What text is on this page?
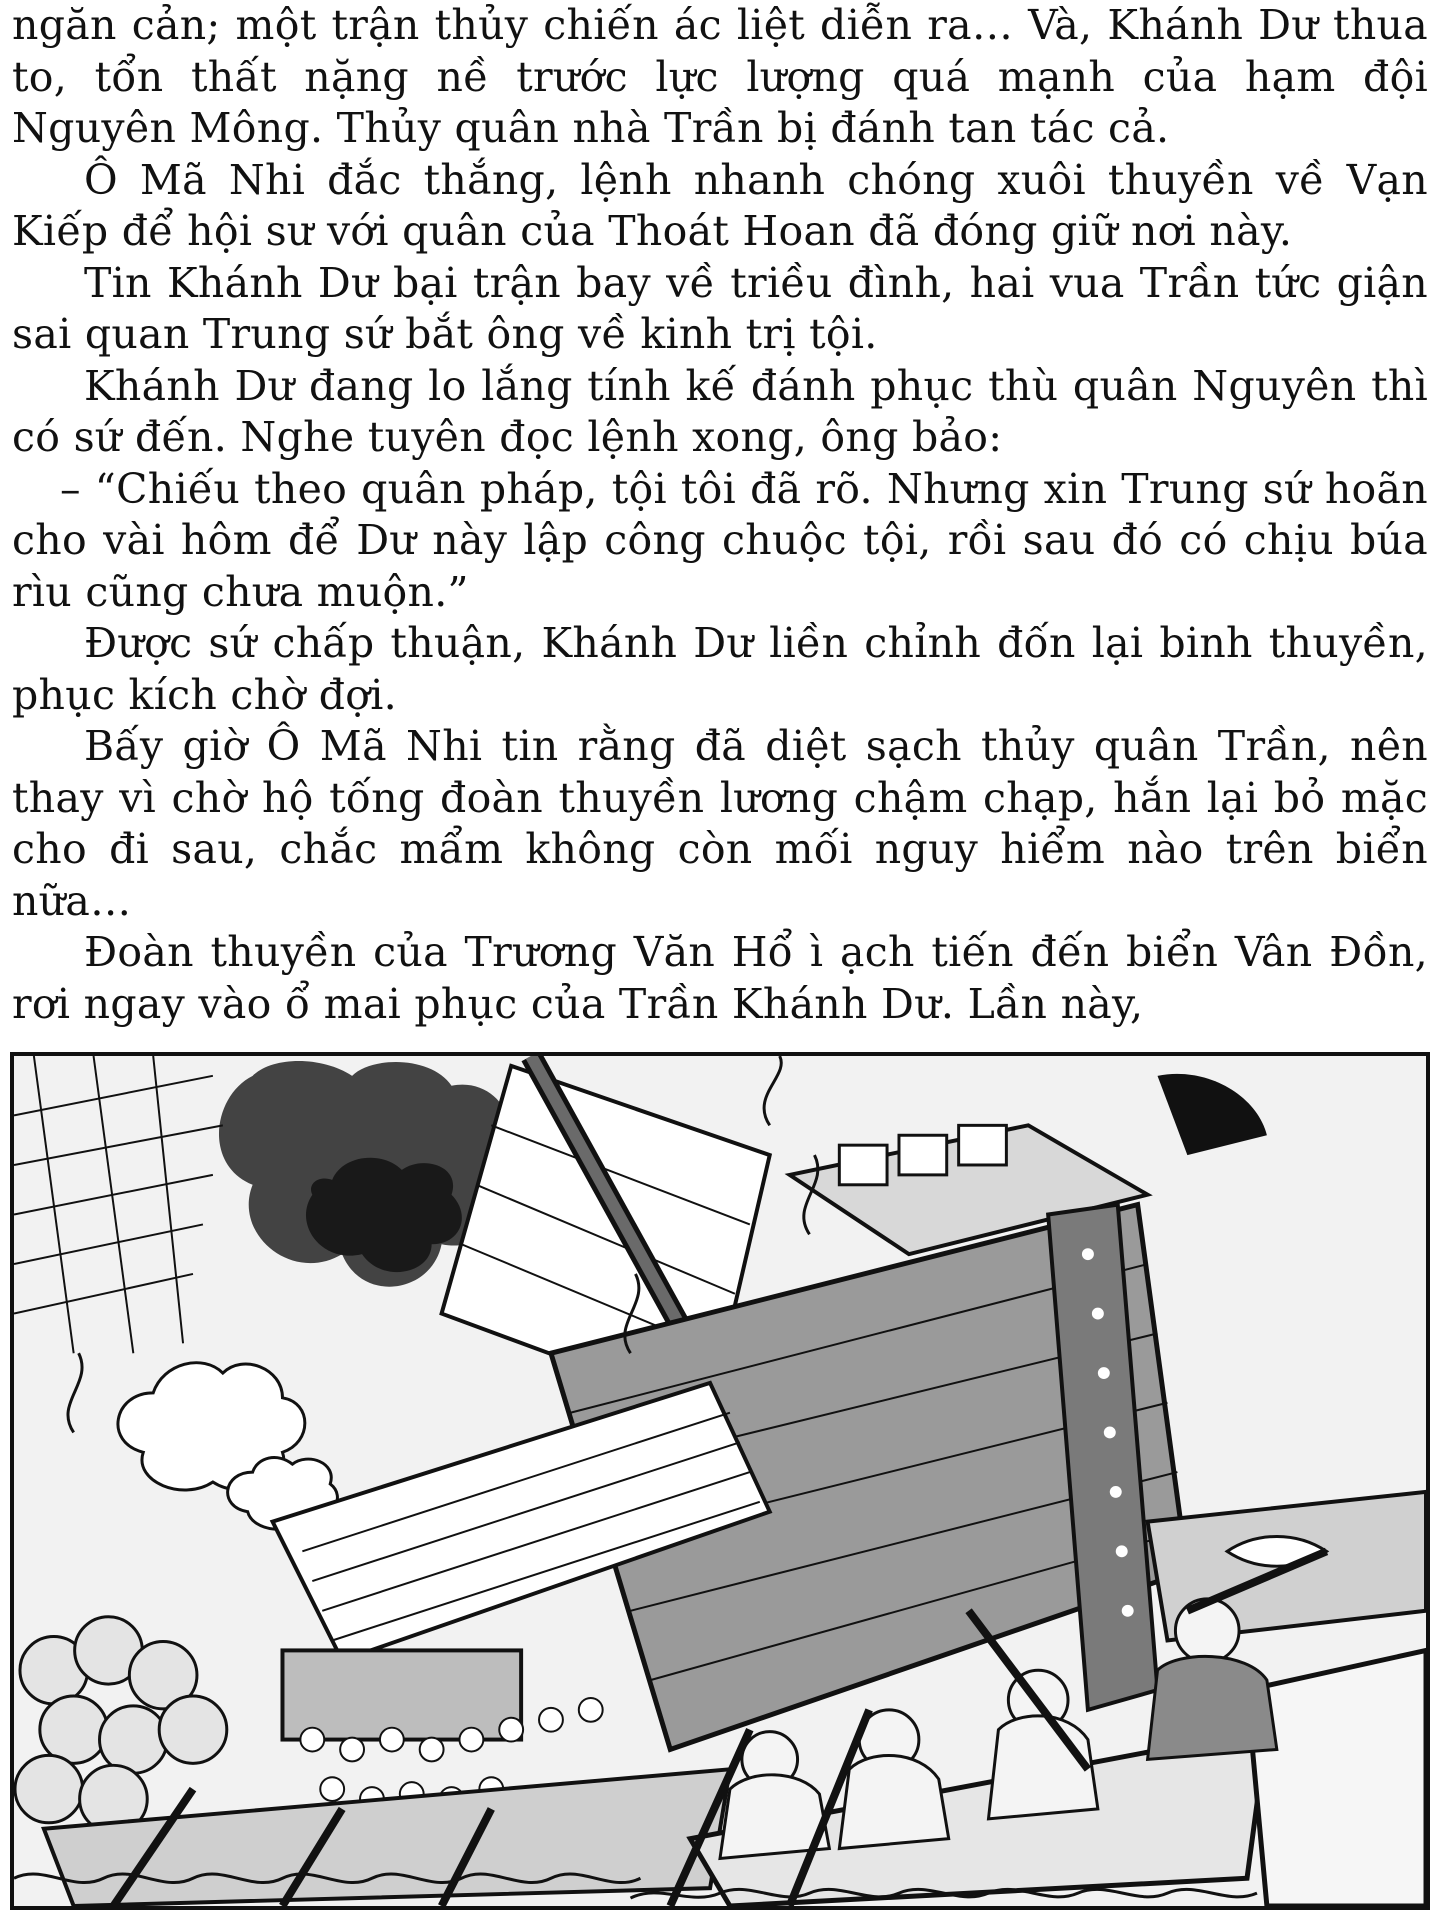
ngăn cản; một trận thủy chiến ác liệt diễn ra… Và, Khánh Dư thua to, tổn thất nặng nề trước lực lượng quá mạnh của hạm đội Nguyên Mông. Thủy quân nhà Trần bị đánh tan tác cả.

Ô Mã Nhi đắc thắng, lệnh nhanh chóng xuôi thuyền về Vạn Kiếp để hội sư với quân của Thoát Hoan đã đóng giữ nơi này.

Tin Khánh Dư bại trận bay về triều đình, hai vua Trần tức giận sai quan Trung sứ bắt ông về kinh trị tội.

Khánh Dư đang lo lắng tính kế đánh phục thù quân Nguyên thì có sứ đến. Nghe tuyên đọc lệnh xong, ông bảo:

– “Chiếu theo quân pháp, tội tôi đã rõ. Nhưng xin Trung sứ hoãn cho vài hôm để Dư này lập công chuộc tội, rồi sau đó có chịu búa rìu cũng chưa muộn.”

Được sứ chấp thuận, Khánh Dư liền chỉnh đốn lại binh thuyền, phục kích chờ đợi.

Bấy giờ Ô Mã Nhi tin rằng đã diệt sạch thủy quân Trần, nên thay vì chờ hộ tống đoàn thuyền lương chậm chạp, hắn lại bỏ mặc cho đi sau, chắc mẩm không còn mối nguy hiểm nào trên biển nữa…

Đoàn thuyền của Trương Văn Hổ ì ạch tiến đến biển Vân Đồn, rơi ngay vào ổ mai phục của Trần Khánh Dư. Lần này,
